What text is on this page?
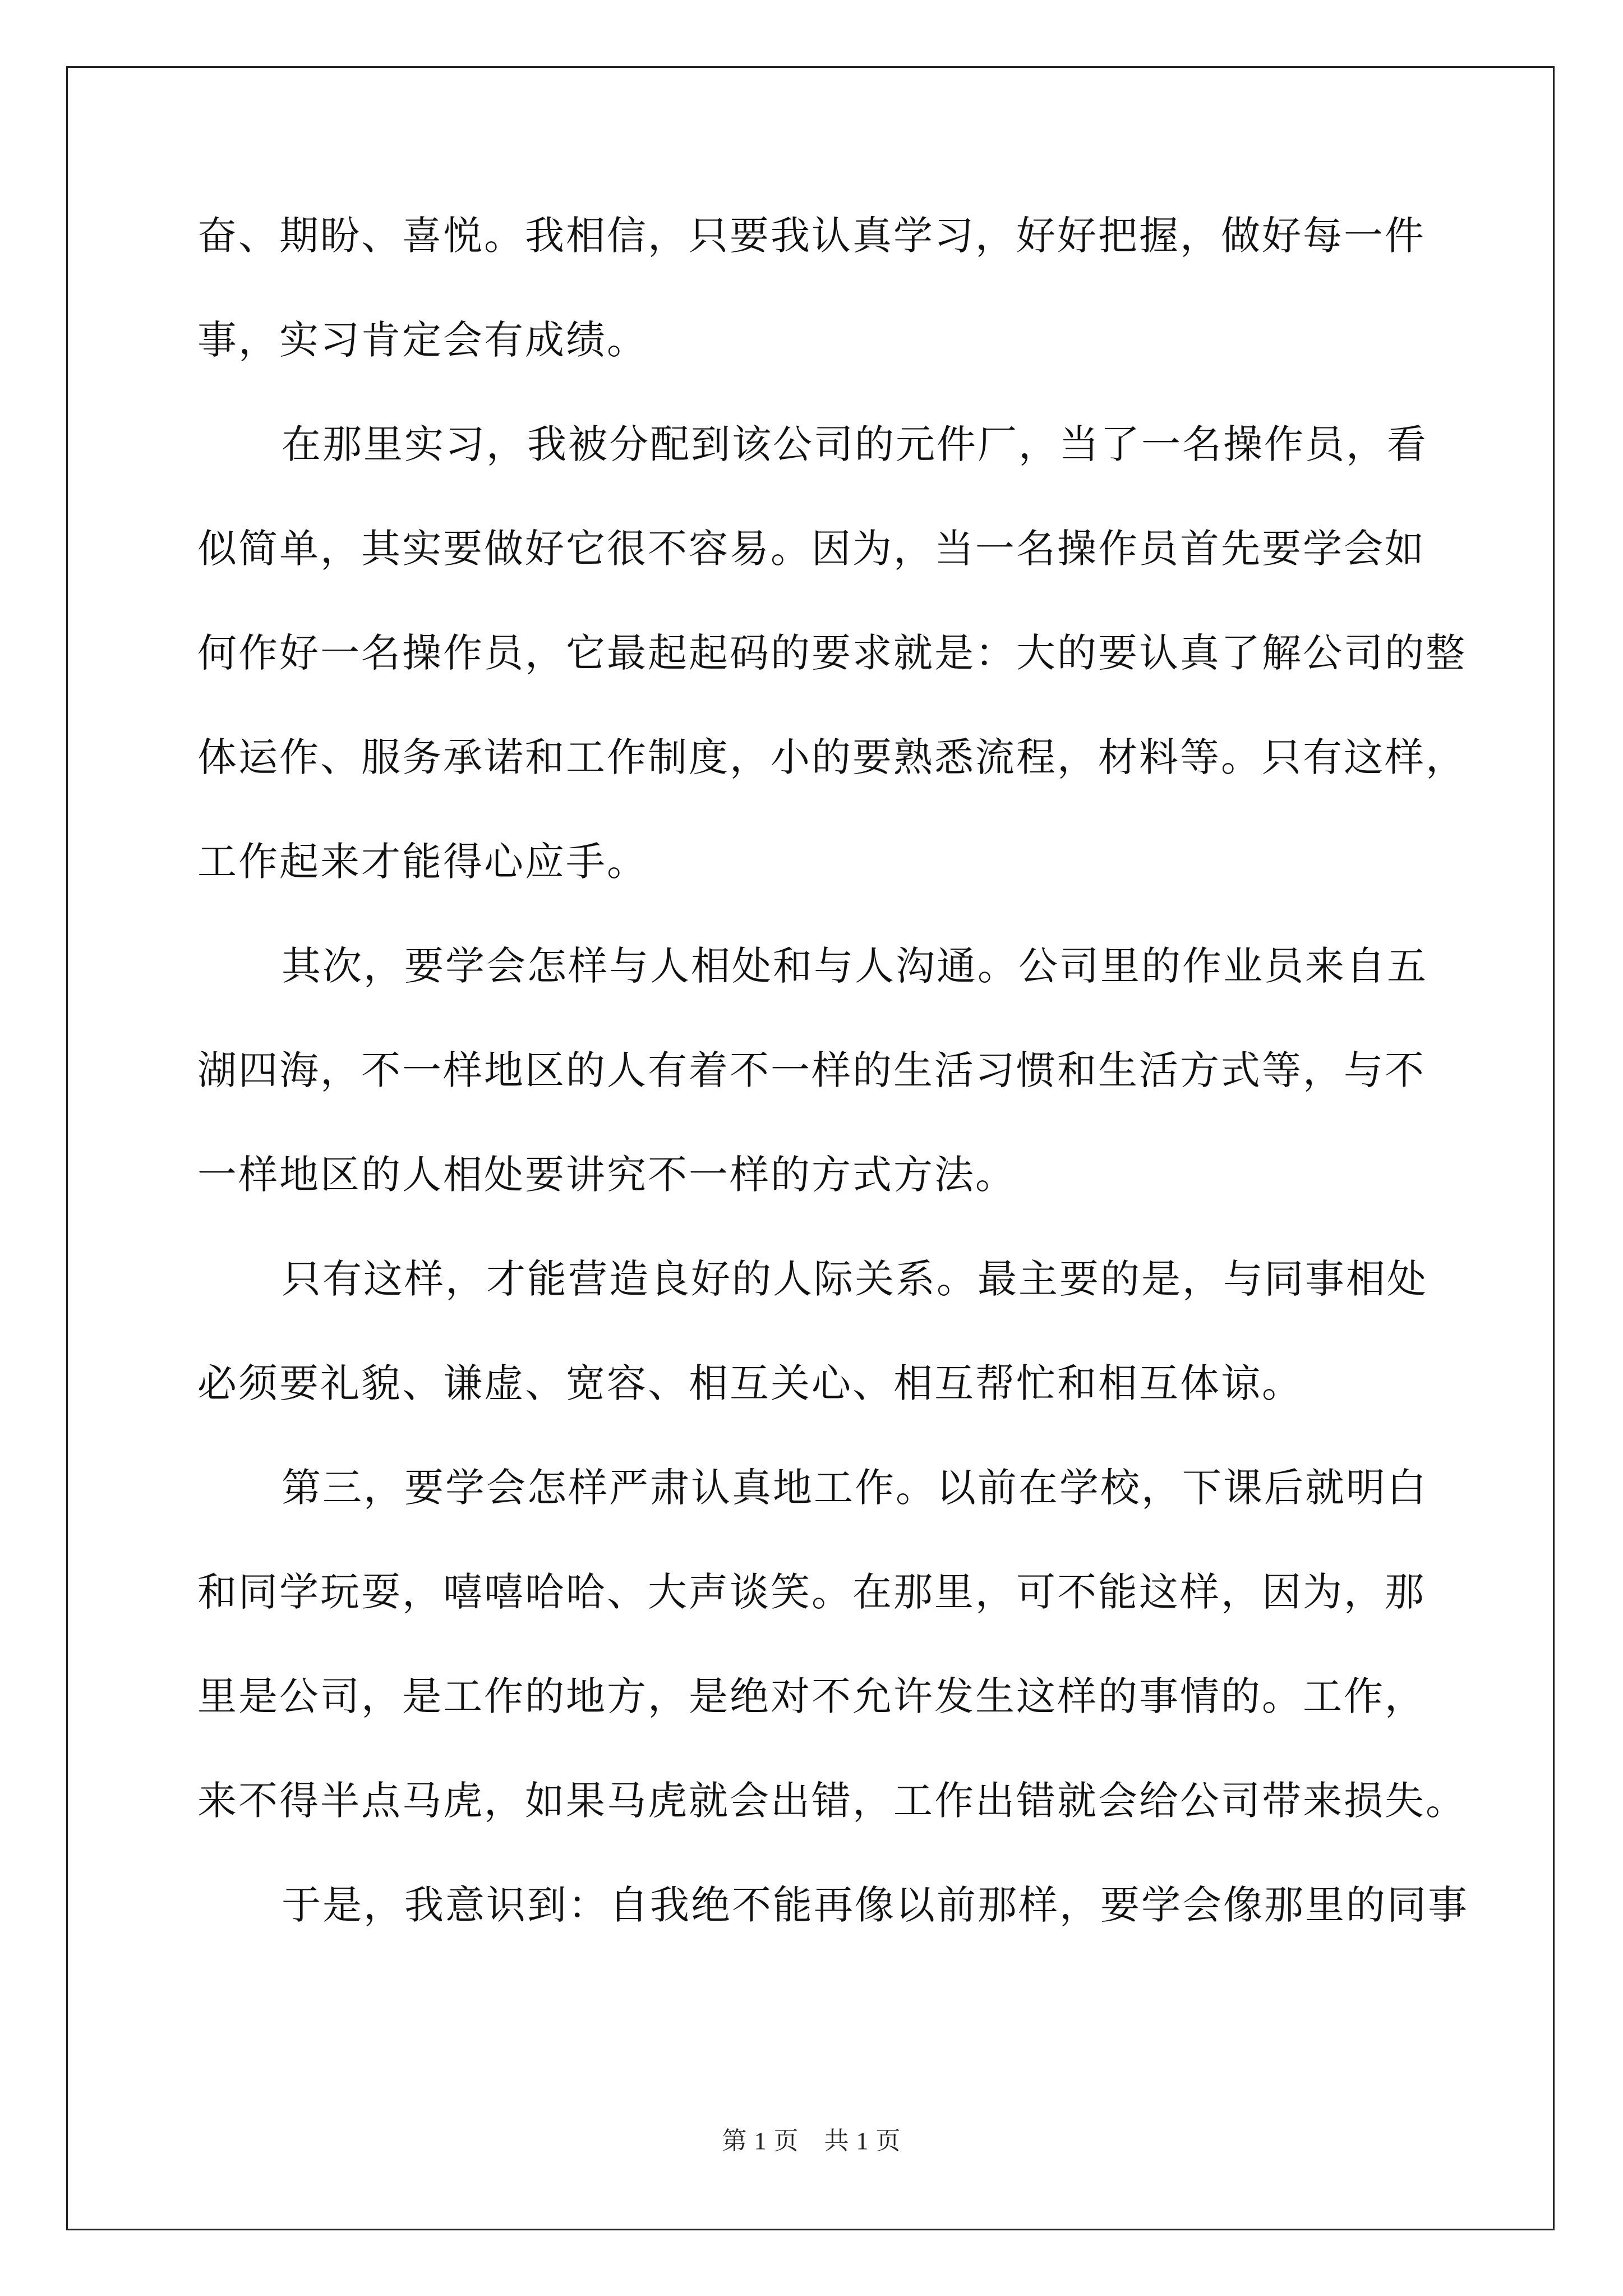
奋、期盼、喜悦。我相信，只要我认真学习，好好把握，做好每一件

事，实习肯定会有成绩。

在那里实习，我被分配到该公司的元件厂，当了一名操作员，看

似简单，其实要做好它很不容易。因为，当一名操作员首先要学会如

何作好一名操作员，它最起起码的要求就是：大的要认真了解公司的整

体运作、服务承诺和工作制度，小的要熟悉流程，材料等。只有这样，

工作起来才能得心应手。

其次，要学会怎样与人相处和与人沟通。公司里的作业员来自五

湖四海，不一样地区的人有着不一样的生活习惯和生活方式等，与不

一样地区的人相处要讲究不一样的方式方法。

只有这样，才能营造良好的人际关系。最主要的是，与同事相处

必须要礼貌、谦虚、宽容、相互关心、相互帮忙和相互体谅。

第三，要学会怎样严肃认真地工作。以前在学校，下课后就明白

和同学玩耍，嘻嘻哈哈、大声谈笑。在那里，可不能这样，因为，那

里是公司，是工作的地方，是绝对不允许发生这样的事情的。工作，

来不得半点马虎，如果马虎就会出错，工作出错就会给公司带来损失。

于是，我意识到：自我绝不能再像以前那样，要学会像那里的同事

第 1 页　共 1 页
